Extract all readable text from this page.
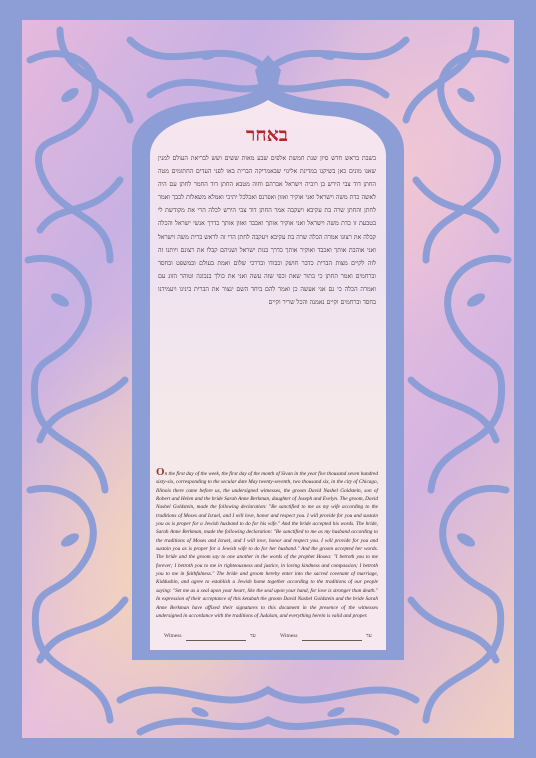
באחר

בשבת בראש חדש סיון שנת חמשת אלפים שבע מאות ששים ושש לבריאת העולם למנין שאנו מונים כאן בשיקגו במדינת אלינוי שבאמריקה הברית באו לפני העדים החתומים מטה החתן דוד צבי הירש בן רוביה וישראל אברהם וחוה מטבא החתן דוד החמר לחתן עם היה לאשה כדת משה וישראל ואני אוקיר ואזון ואפרנס ואכלכל יתיכי ואמלא משאלות לבבך ואמר לחתן והחתן שרה בת עקיבא ויעקבה אמר החתן דוד צבי הירש לכלה הרי את מקודשת לי בטבעת זו כדת משה וישראל ואני אוקיר אותך ואכבד ואזון אותך כדרך אנשי ישראל והכלה קבלה את רצונו אמרה הכלה שרה בת עקיבא ויעקבה לחתן הרי זה לראש ברית משה וישראל ואני אוהבת אותך ואכבד ואוקיר אותך כדרך בנות ישראל ושניהם קבלו את רצונם ויותנו זה לזה לקיים מצות הברית כדבר חושק וכבודו ובדרכי שלום ואמת בעולם ובמשפט ובחסד וברחמים ואמר החתן כי בתור שאת וכפי שזה עשה ואני את כולך בנכונה וטוהר הזוג עם ואמרה הכלה כי גם אני אעשה כן ואמר להם ביחד השם ינצור את הברית בינינו ויעמידנו בחסד וברחמים וקיים נאמנה והכל שריר וקיים

On the first day of the week, the first day of the month of Sivan in the year five thousand seven hundred sixty-six, corresponding to the secular date May twenty-seventh, two thousand six, in the city of Chicago, Illinois there came before us, the undersigned witnesses, the groom David Nashel Goldstein, son of Robert and Helen and the bride Sarah Anne Berkman, daughter of Joseph and Evelyn. The groom, David Nashel Goldstein, made the following declaration: "Be sanctified to me as my wife according to the traditions of Moses and Israel, and I will love, honor and respect you. I will provide for you and sustain you as is proper for a Jewish husband to do for his wife." And the bride accepted his words. The bride, Sarah Anne Berkman, made the following declaration: "Be sanctified to me as my husband according to the traditions of Moses and Israel, and I will love, honor and respect you. I will provide for you and sustain you as is proper for a Jewish wife to do for her husband." And the groom accepted her words. The bride and the groom say to one another in the words of the prophet Hosea: "I betroth you to me forever; I betroth you to me in righteousness and justice, in loving kindness and compassion; I betroth you to me in faithfulness." The bride and groom hereby enter into the sacred covenant of marriage, Kiddushin, and agree to establish a Jewish home together according to the traditions of our people saying: "Set me as a seal upon your heart, like the seal upon your hand, for love is stronger than death." In expression of their acceptance of this ketubah the groom David Nashel Goldstein and the bride Sarah Anne Berkman have affixed their signatures to this document in the presence of the witnesses undersigned in accordance with the traditions of Judaism, and everything herein is valid and proper.

Witness	עד	Witness	עד
